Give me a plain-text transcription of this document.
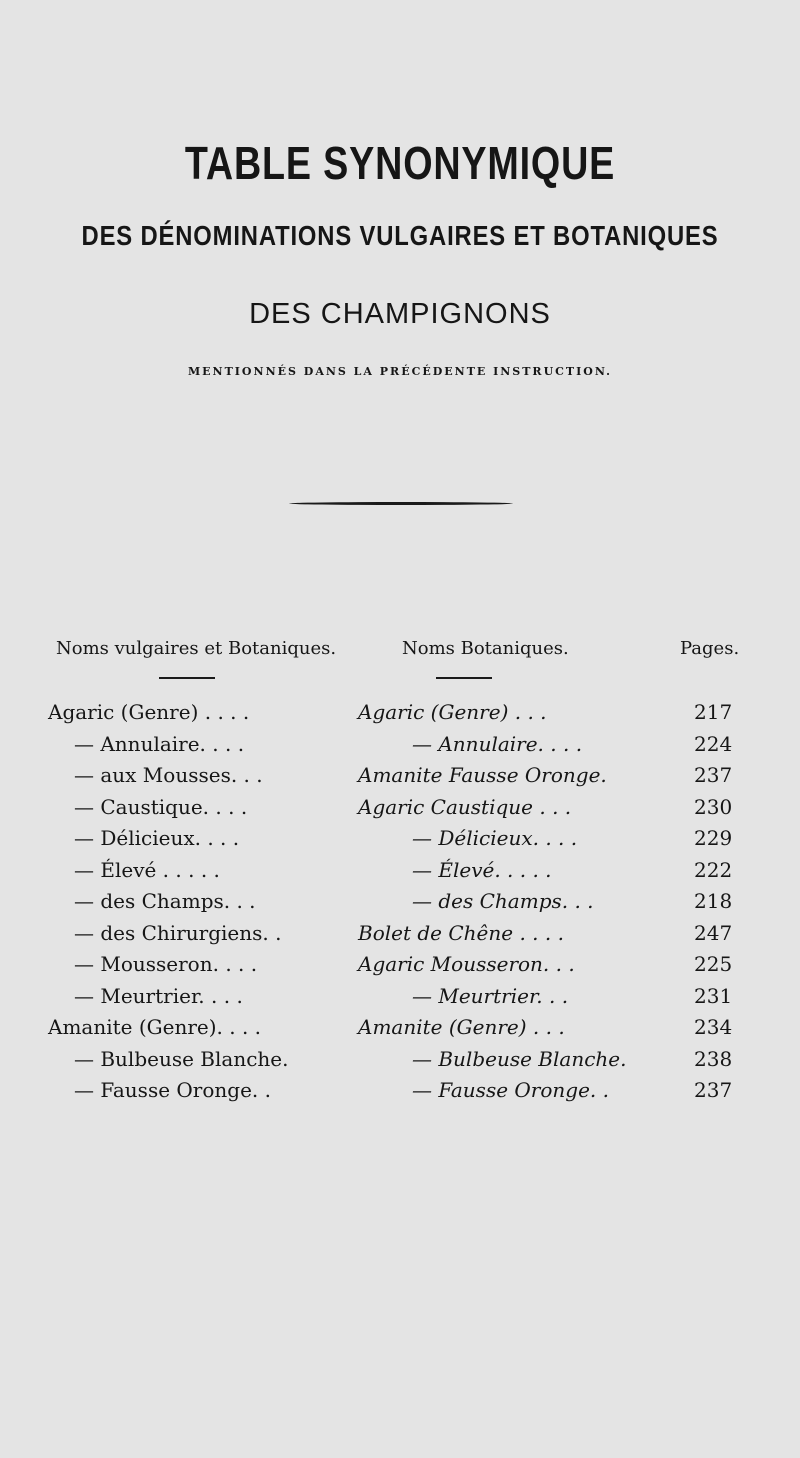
TABLE SYNONYMIQUE
DES DÉNOMINATIONS VULGAIRES ET BOTANIQUES
DES CHAMPIGNONS
MENTIONNÉS DANS LA PRÉCÉDENTE INSTRUCTION.
Noms vulgaires et Botaniques.	Noms Botaniques.	Pages.
Agaric (Genre) . . . .	Agaric (Genre) . . .	217
— Annulaire. . . .	— Annulaire. . . .	224
— aux Mousses. . .	Amanite Fausse Oronge.	237
— Caustique. . . .	Agaric Caustique . . .	230
— Délicieux. . . .	— Délicieux. . . .	229
— Élevé . . . . .	— Élevé. . . . .	222
— des Champs. . .	— des Champs. . .	218
— des Chirurgiens. .	Bolet de Chêne . . . .	247
— Mousseron. . . .	Agaric Mousseron. . .	225
— Meurtrier. . . .	— Meurtrier. . .	231
Amanite (Genre). . . .	Amanite (Genre) . . .	234
— Bulbeuse Blanche.	— Bulbeuse Blanche.	238
— Fausse Oronge. .	— Fausse Oronge. .	237
